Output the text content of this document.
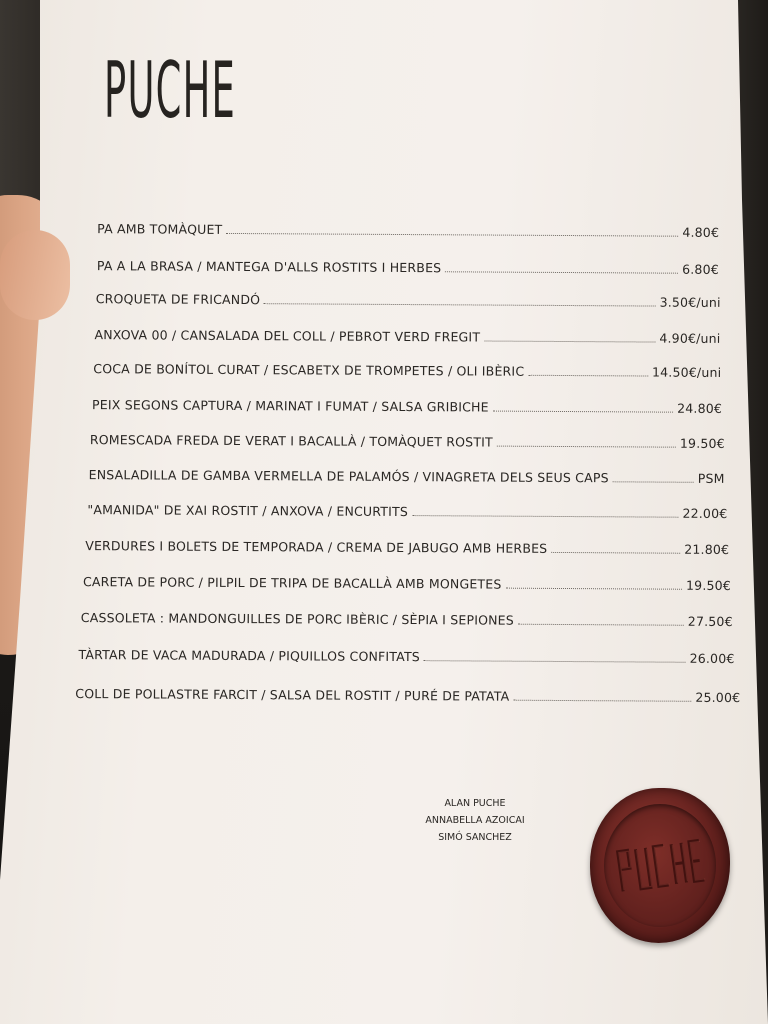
PUCHE
PA AMB TOMÀQUET	4.80€
PA A LA BRASA / MANTEGA D'ALLS ROSTITS I HERBES	6.80€
CROQUETA DE FRICANDÓ	3.50€/uni
ANXOVA 00 / CANSALADA DEL COLL / PEBROT VERD FREGIT	4.90€/uni
COCA DE BONÍTOL CURAT / ESCABETX DE TROMPETES / OLI IBÈRIC	14.50€/uni
PEIX SEGONS CAPTURA / MARINAT I FUMAT / SALSA GRIBICHE	24.80€
ROMESCADA FREDA DE VERAT I BACALLÀ / TOMÀQUET ROSTIT	19.50€
ENSALADILLA DE GAMBA VERMELLA DE PALAMÓS / VINAGRETA DELS SEUS CAPS	PSM
"AMANIDA" DE XAI ROSTIT / ANXOVA / ENCURTITS	22.00€
VERDURES I BOLETS DE TEMPORADA / CREMA DE JABUGO AMB HERBES	21.80€
CARETA DE PORC / PILPIL DE TRIPA DE BACALLÀ AMB MONGETES	19.50€
CASSOLETA : MANDONGUILLES DE PORC IBÈRIC / SÈPIA I SEPIONES	27.50€
TÀRTAR DE VACA MADURADA / PIQUILLOS CONFITATS	26.00€
COLL DE POLLASTRE FARCIT / SALSA DEL ROSTIT / PURÉ DE PATATA	25.00€
ALAN PUCHE
ANNABELLA AZOICAI
SIMÓ SANCHEZ
